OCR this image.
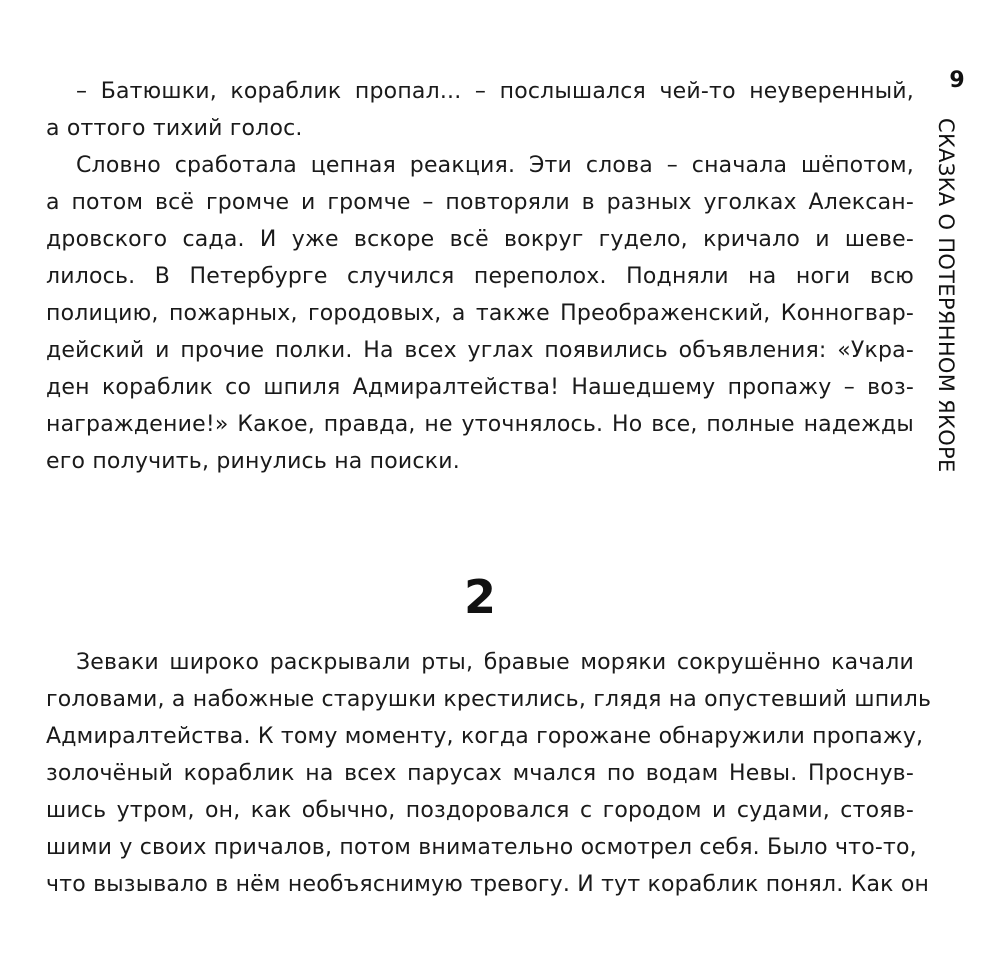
9
СКАЗКА О ПОТЕРЯННОМ ЯКОРЕ
– Батюшки, кораблик пропал... – послышался чей-то неуверенный,
а оттого тихий голос.
Словно сработала цепная реакция. Эти слова – сначала шёпотом,
а потом всё громче и громче – повторяли в разных уголках Алексан-
дровского сада. И уже вскоре всё вокруг гудело, кричало и шеве-
лилось. В Петербурге случился переполох. Подняли на ноги всю
полицию, пожарных, городовых, а также Преображенский, Конногвар-
дейский и прочие полки. На всех углах появились объявления: «Укра-
ден кораблик со шпиля Адмиралтейства! Нашедшему пропажу – воз-
награждение!» Какое, правда, не уточнялось. Но все, полные надежды
его получить, ринулись на поиски.
2
Зеваки широко раскрывали рты, бравые моряки сокрушённо качали
головами, а набожные старушки крестились, глядя на опустевший шпиль
Адмиралтейства. К тому моменту, когда горожане обнаружили пропажу,
золочёный кораблик на всех парусах мчался по водам Невы. Проснув-
шись утром, он, как обычно, поздоровался с городом и судами, стояв-
шими у своих причалов, потом внимательно осмотрел себя. Было что-то,
что вызывало в нём необъяснимую тревогу. И тут кораблик понял. Как он
